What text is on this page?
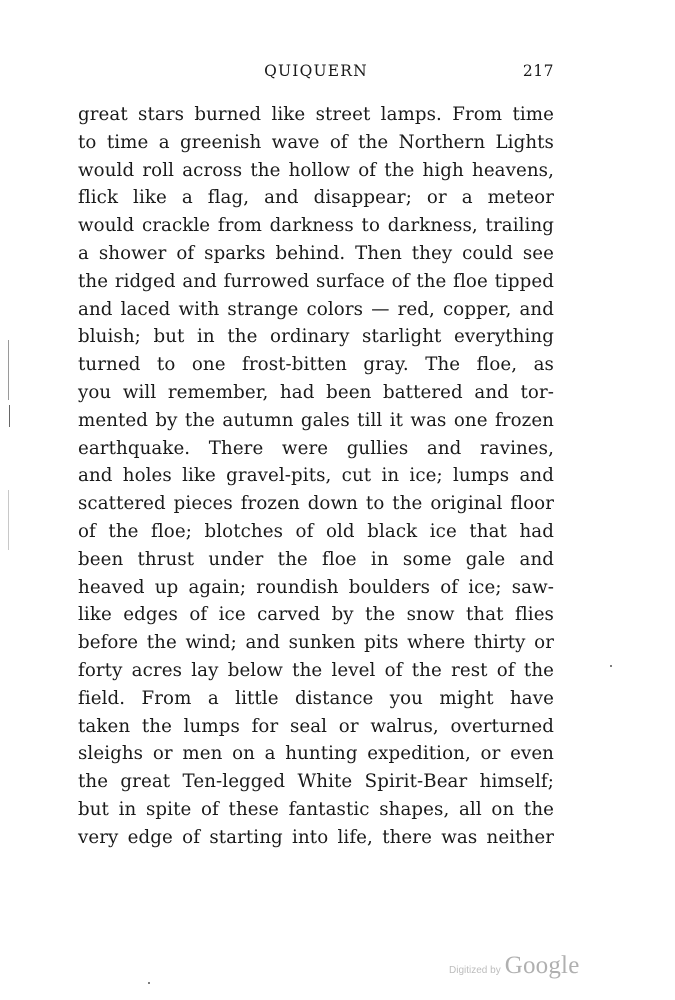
QUIQUERN	217
great stars burned like street lamps. From time
to time a greenish wave of the Northern Lights
would roll across the hollow of the high heavens,
flick like a flag, and disappear; or a meteor
would crackle from darkness to darkness, trailing
a shower of sparks behind. Then they could see
the ridged and furrowed surface of the floe tipped
and laced with strange colors — red, copper, and
bluish; but in the ordinary starlight everything
turned to one frost-bitten gray. The floe, as
you will remember, had been battered and tor-
mented by the autumn gales till it was one frozen
earthquake. There were gullies and ravines,
and holes like gravel-pits, cut in ice; lumps and
scattered pieces frozen down to the original floor
of the floe; blotches of old black ice that had
been thrust under the floe in some gale and
heaved up again; roundish boulders of ice; saw-
like edges of ice carved by the snow that flies
before the wind; and sunken pits where thirty or
forty acres lay below the level of the rest of the
field. From a little distance you might have
taken the lumps for seal or walrus, overturned
sleighs or men on a hunting expedition, or even
the great Ten-legged White Spirit-Bear himself;
but in spite of these fantastic shapes, all on the
very edge of starting into life, there was neither
Digitized by Google
